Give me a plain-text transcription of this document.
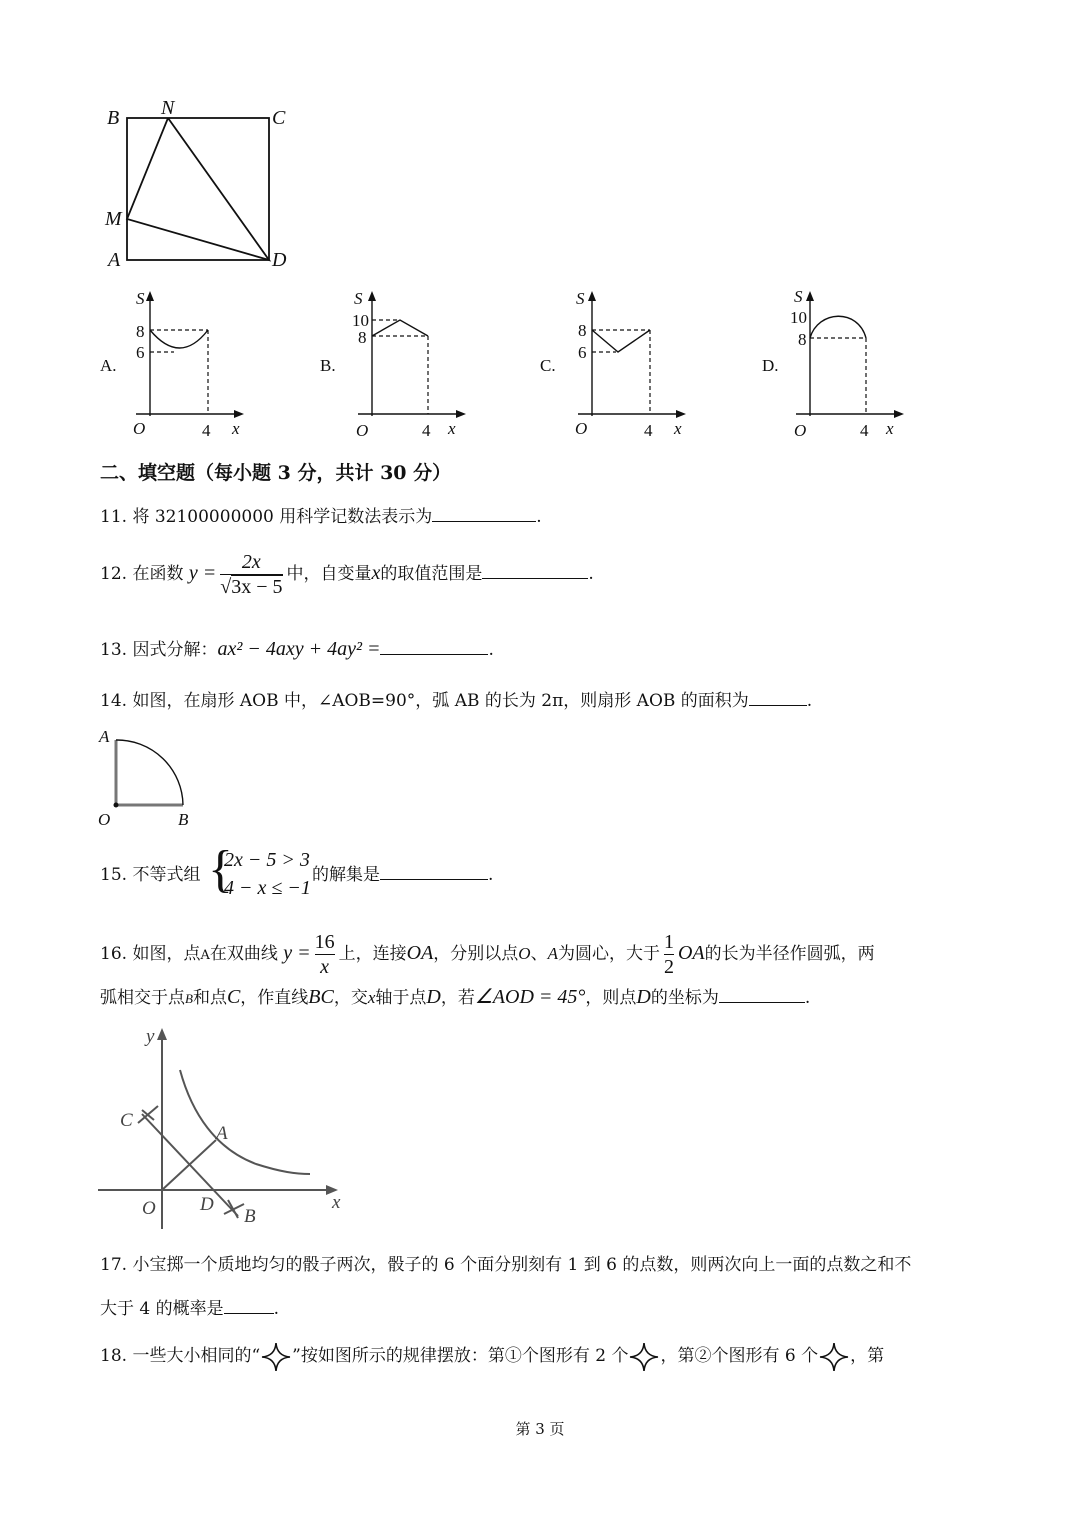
B N	C
M
A	D
A.
S
8
6
O	4 x
B.
S
10
8
O	4 x
C.
S
8
6
O	4 x
D.
S
10
8
O	4 x
二、填空题（每小题 3 分，共计 30 分）
11. 将 32100000000 用科学记数法表示为	.
12. 在函数 $y = \frac{2x}{√3x - 5}$ 中，自变量x的取值范围是	.
13. 因式分解：ax² − 4axy + 4ay² =	.
14. 如图，在扇形 AOB 中，∠AOB=90°，弧 AB 的长为 2π，则扇形 AOB 的面积为	.
A
O	B
15. 不等式组 {
2x − 5 > 3
4 − x ≤ −1
的解集是	.
16. 如图，点A在双曲线 $y = \frac{16}{x}$ 上，连接OA，分别以点O、A为圆心，大于 $\frac{1}{2}$ OA的长为半径作圆弧，两
弧相交于点B和点C，作直线BC，交x轴于点D，若∠AOD = 45°，则点D的坐标为	.
y
x
O
A
C
D
B
17. 小宝掷一个质地均匀的骰子两次，骰子的 6 个面分别刻有 1 到 6 的点数，则两次向上一面的点数之和不
大于 4 的概率是	.
18. 一些大小相同的“ ”按如图所示的规律摆放：第①个图形有 2 个 ，第②个图形有 6 个 ，第
第 3 页
